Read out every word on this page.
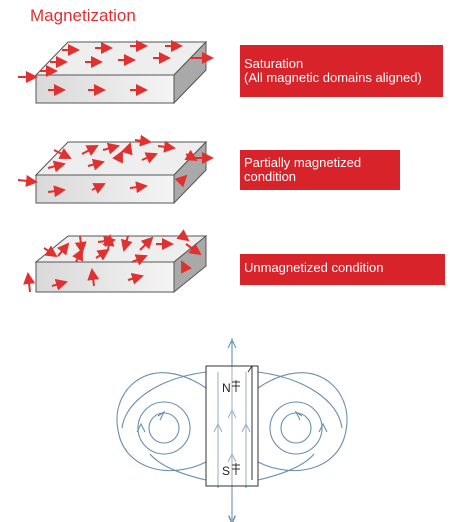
Magnetization
Saturation
(All magnetic domains aligned)
Partially magnetized
condition
Unmagnetized condition
N
S
